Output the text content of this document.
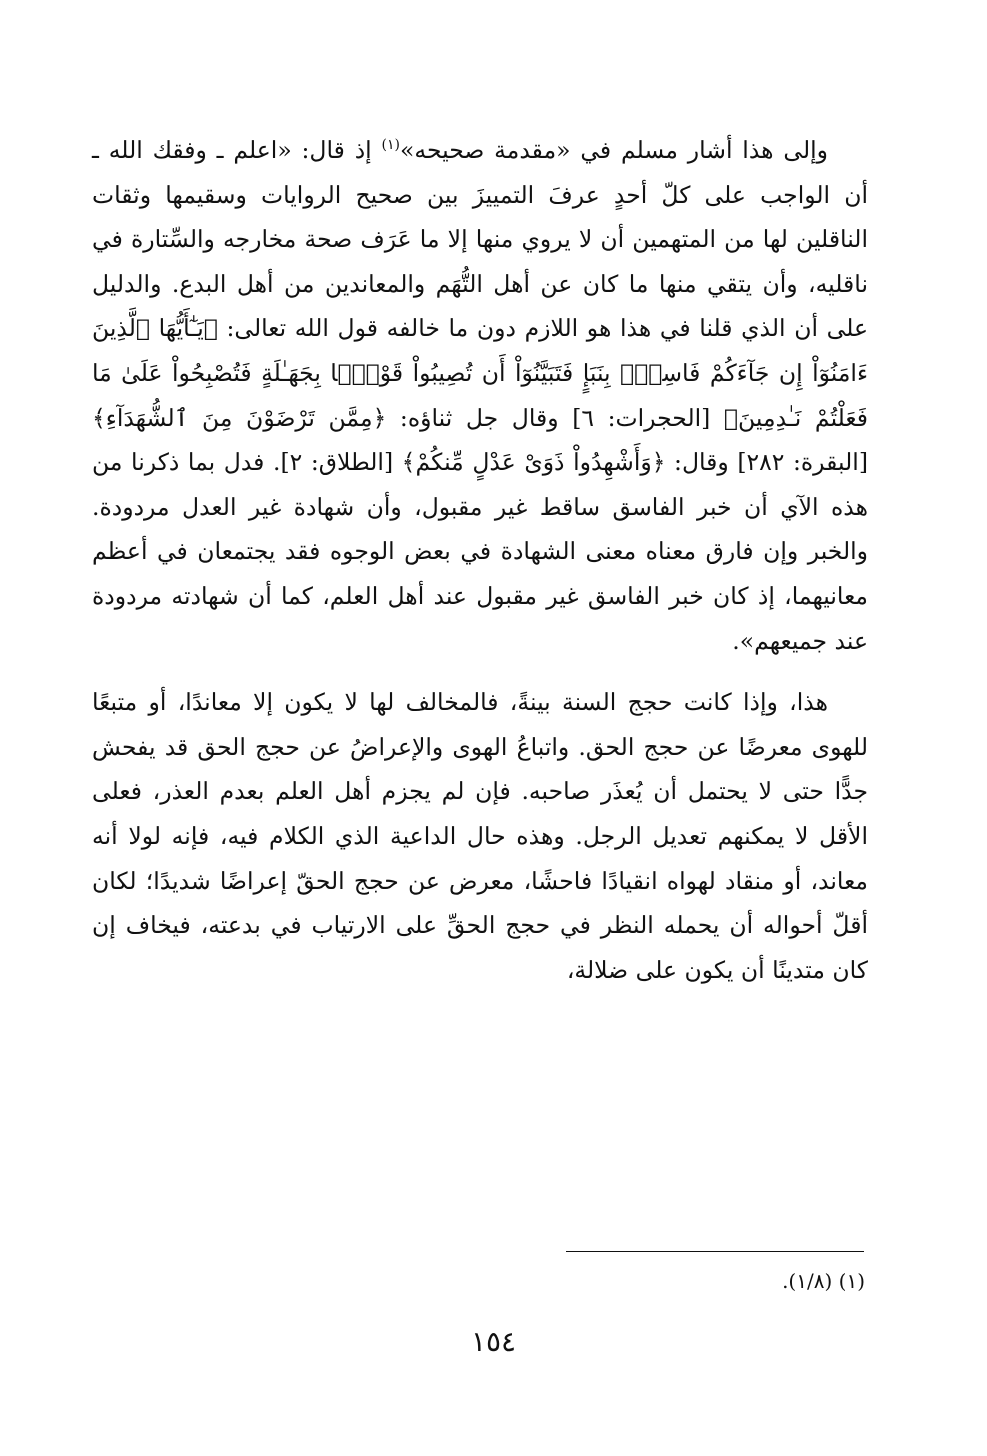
وإلى هذا أشار مسلم في «مقدمة صحيحه»$^{(١)}$ إذ قال: «اعلم ـ وفقك الله ـ أن الواجب على كلّ أحدٍ عرفَ التمييزَ بين صحيح الروايات وسقيمها وثقات الناقلين لها من المتهمين أن لا يروي منها إلا ما عَرَف صحة مخارجه والسِّتارة في ناقليه، وأن يتقي منها ما كان عن أهل التُّهَم والمعاندين من أهل البدع. والدليل على أن الذي قلنا في هذا هو اللازم دون ما خالفه قول الله تعالى: ﴿يَـٰٓأَيُّهَا ٱلَّذِينَ ءَامَنُوٓاْ إِن جَآءَكُمْ فَاسِقٌۢ بِنَبَإٍ فَتَبَيَّنُوٓاْ أَن تُصِيبُواْ قَوْمًۢا بِجَهَـٰلَةٍ فَتُصْبِحُواْ عَلَىٰ مَا فَعَلْتُمْ نَـٰدِمِينَ﴾ [الحجرات: ٦] وقال جل ثناؤه: ﴿مِمَّن تَرْضَوْنَ مِنَ ٱلشُّهَدَآءِ﴾ [البقرة: ٢٨٢] وقال: ﴿وَأَشْهِدُواْ ذَوَىْ عَدْلٍ مِّنكُمْ﴾ [الطلاق: ٢]. فدل بما ذكرنا من هذه الآي أن خبر الفاسق ساقط غير مقبول، وأن شهادة غير العدل مردودة. والخبر وإن فارق معناه معنى الشهادة في بعض الوجوه فقد يجتمعان في أعظم معانيهما، إذ كان خبر الفاسق غير مقبول عند أهل العلم، كما أن شهادته مردودة عند جميعهم».

هذا، وإذا كانت حجج السنة بينةً، فالمخالف لها لا يكون إلا معاندًا، أو متبعًا للهوى معرضًا عن حجج الحق. واتباعُ الهوى والإعراضُ عن حجج الحق قد يفحش جدًّا حتى لا يحتمل أن يُعذَر صاحبه. فإن لم يجزم أهل العلم بعدم العذر، فعلى الأقل لا يمكنهم تعديل الرجل. وهذه حال الداعية الذي الكلام فيه، فإنه لولا أنه معاند، أو منقاد لهواه انقيادًا فاحشًا، معرض عن حجج الحقّ إعراضًا شديدًا؛ لكان أقلّ أحواله أن يحمله النظر في حجج الحقِّ على الارتياب في بدعته، فيخاف إن كان متدينًا أن يكون على ضلالة،

(١) (١/٨).
١٥٤
